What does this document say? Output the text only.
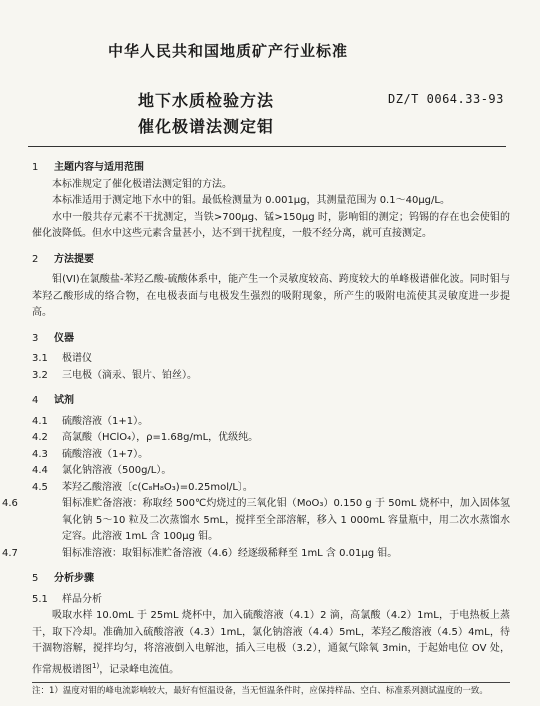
中华人民共和国地质矿产行业标准
地下水质检验方法
催化极谱法测定钼
DZ/T 0064.33-93

1 主题内容与适用范围

本标准规定了催化极谱法测定钼的方法。

本标准适用于测定地下水中的钼。最低检测量为 0.001μg，其测量范围为 0.1～40μg/L。

水中一般共存元素不干扰测定，当铁>700μg、锰>150μg 时，影响钼的测定；钨锡的存在也会使钼的催化波降低。但水中这些元素含量甚小，达不到干扰程度，一般不经分离，就可直接测定。

2 方法提要

钼(VI)在氯酸盐-苯羟乙酸-硫酸体系中，能产生一个灵敏度较高、跨度较大的单峰极谱催化波。同时钼与苯羟乙酸形成的络合物，在电极表面与电极发生强烈的吸附现象，所产生的吸附电流使其灵敏度进一步提高。

3 仪器

3.1 极谱仪

3.2 三电极（滴汞、银片、铂丝）。

4 试剂

4.1 硫酸溶液（1+1）。

4.2 高氯酸（HClO₄），ρ=1.68g/mL，优级纯。

4.3 硫酸溶液（1+7）。

4.4 氯化钠溶液（500g/L）。

4.5 苯羟乙酸溶液〔c(C₈H₈O₃)=0.25mol/L〕。

4.6	钼标准贮备溶液：称取经 500℃灼烧过的三氧化钼（MoO₃）0.150 g 于 50mL 烧杯中，加入固体氢氧化钠 5～10 粒及二次蒸馏水 5mL，搅拌至全部溶解，移入 1 000mL 容量瓶中，用二次水蒸馏水定容。此溶液 1mL 含 100μg 钼。

4.7	钼标准溶液：取钼标准贮备溶液（4.6）经逐级稀释至 1mL 含 0.01μg 钼。

5 分析步骤

5.1 样品分析

吸取水样 10.0mL 于 25mL 烧杯中，加入硫酸溶液（4.1）2 滴，高氯酸（4.2）1mL，于电热板上蒸干，取下冷却。准确加入硫酸溶液（4.3）1mL，氯化钠溶液（4.4）5mL，苯羟乙酸溶液（4.5）4mL，待干涸物溶解，搅拌均匀，将溶液倒入电解池，插入三电极（3.2），通氮气除氧 3min，于起始电位 OV 处，作常规极谱图$^{1)}$，记录峰电流值。

注：1）温度对钼的峰电流影响较大，最好有恒温设备，当无恒温条件时，应保持样品、空白、标准系列测试温度的一致。
